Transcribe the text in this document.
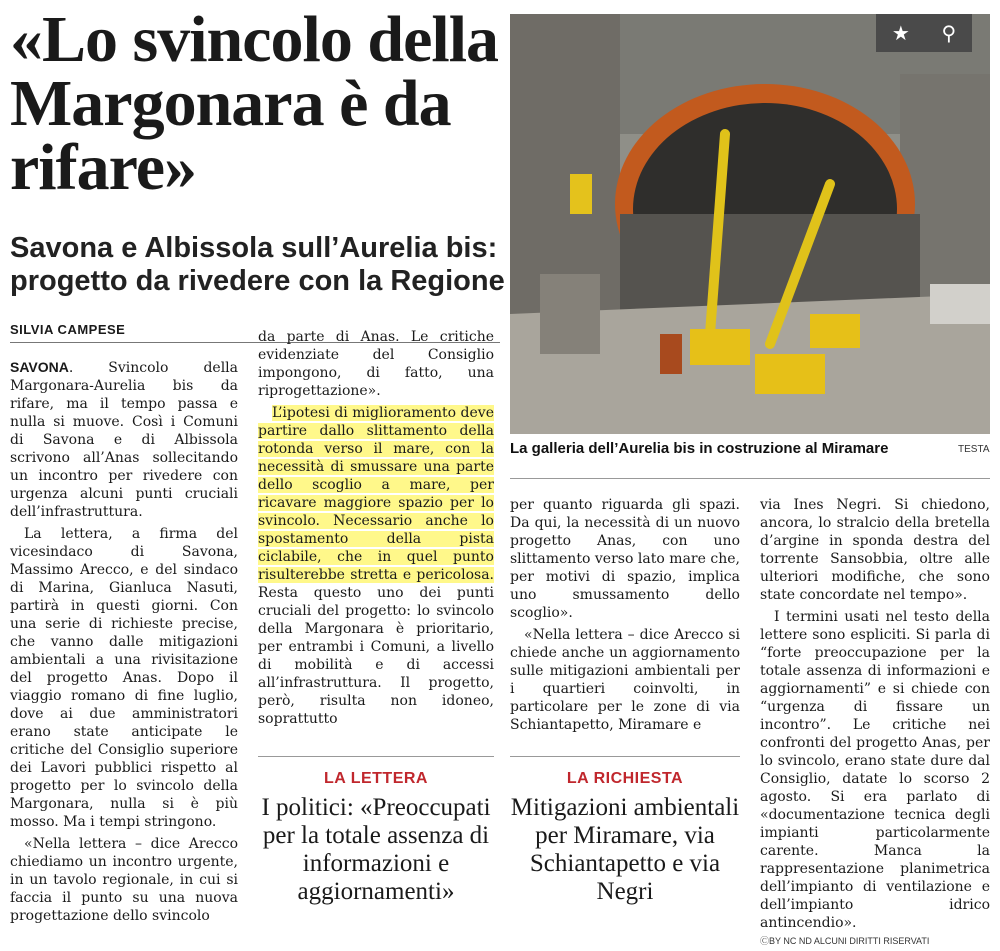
«Lo svincolo della Margonara è da rifare»
Savona e Albissola sull’Aurelia bis: progetto da rivedere con la Regione
SILVIA CAMPESE

SAVONA. Svincolo della Margonara-Aurelia bis da rifare, ma il tempo passa e nulla si muove. Così i Comuni di Savona e di Albissola scrivono all’Anas sollecitando un incontro per rivedere con urgenza alcuni punti cruciali dell’infrastruttura.

La lettera, a firma del vicesindaco di Savona, Massimo Arecco, e del sindaco di Marina, Gianluca Nasuti, partirà in questi giorni. Con una serie di richieste precise, che vanno dalle mitigazioni ambientali a una rivisitazione del progetto Anas. Dopo il viaggio romano di fine luglio, dove ai due amministratori erano state anticipate le critiche del Consiglio superiore dei Lavori pubblici rispetto al progetto per lo svincolo della Margonara, nulla si è più mosso. Ma i tempi stringono.

«Nella lettera – dice Arecco chiediamo un incontro urgente, in un tavolo regionale, in cui si faccia il punto su una nuova progettazione dello svincolo

da parte di Anas. Le critiche evidenziate del Consiglio impongono, di fatto, una riprogettazione».

L’ipotesi di miglioramento deve partire dallo slittamento della rotonda verso il mare, con la necessità di smussare una parte dello scoglio a mare, per ricavare maggiore spazio per lo svincolo. Necessario anche lo spostamento della pista ciclabile, che in quel punto risulterebbe stretta e pericolosa. Resta questo uno dei punti cruciali del progetto: lo svincolo della Margonara è prioritario, per entrambi i Comuni, a livello di mobilità e di accessi all’infrastruttura. Il progetto, però, risulta non idoneo, soprattutto

★ ⚲
La galleria dell’Aurelia bis in costruzione al Miramare	TESTA

per quanto riguarda gli spazi. Da qui, la necessità di un nuovo progetto Anas, con uno slittamento verso lato mare che, per motivi di spazio, implica uno smussamento dello scoglio».

«Nella lettera – dice Arecco si chiede anche un aggiornamento sulle mitigazioni ambientali per i quartieri coinvolti, in particolare per le zone di via Schiantapetto, Miramare e

via Ines Negri. Si chiedono, ancora, lo stralcio della bretella d’argine in sponda destra del torrente Sansobbia, oltre alle ulteriori modifiche, che sono state concordate nel tempo».

I termini usati nel testo della lettere sono espliciti. Si parla di “forte preoccupazione per la totale assenza di informazioni e aggiornamenti” e si chiede con “urgenza di fissare un incontro”. Le critiche nei confronti del progetto Anas, per lo svincolo, erano state dure dal Consiglio, datate lo scorso 2 agosto. Si era parlato di «documentazione tecnica degli impianti particolarmente carente. Manca la rappresentazione planimetrica dell’impianto di ventilazione e dell’impianto idrico antincendio».

LA LETTERA
I politici: «Preoccupati per la totale assenza di informazioni e aggiornamenti»
LA RICHIESTA
Mitigazioni ambientali per Miramare, via Schiantapetto e via Negri
ⒸBY NC ND ALCUNI DIRITTI RISERVATI
